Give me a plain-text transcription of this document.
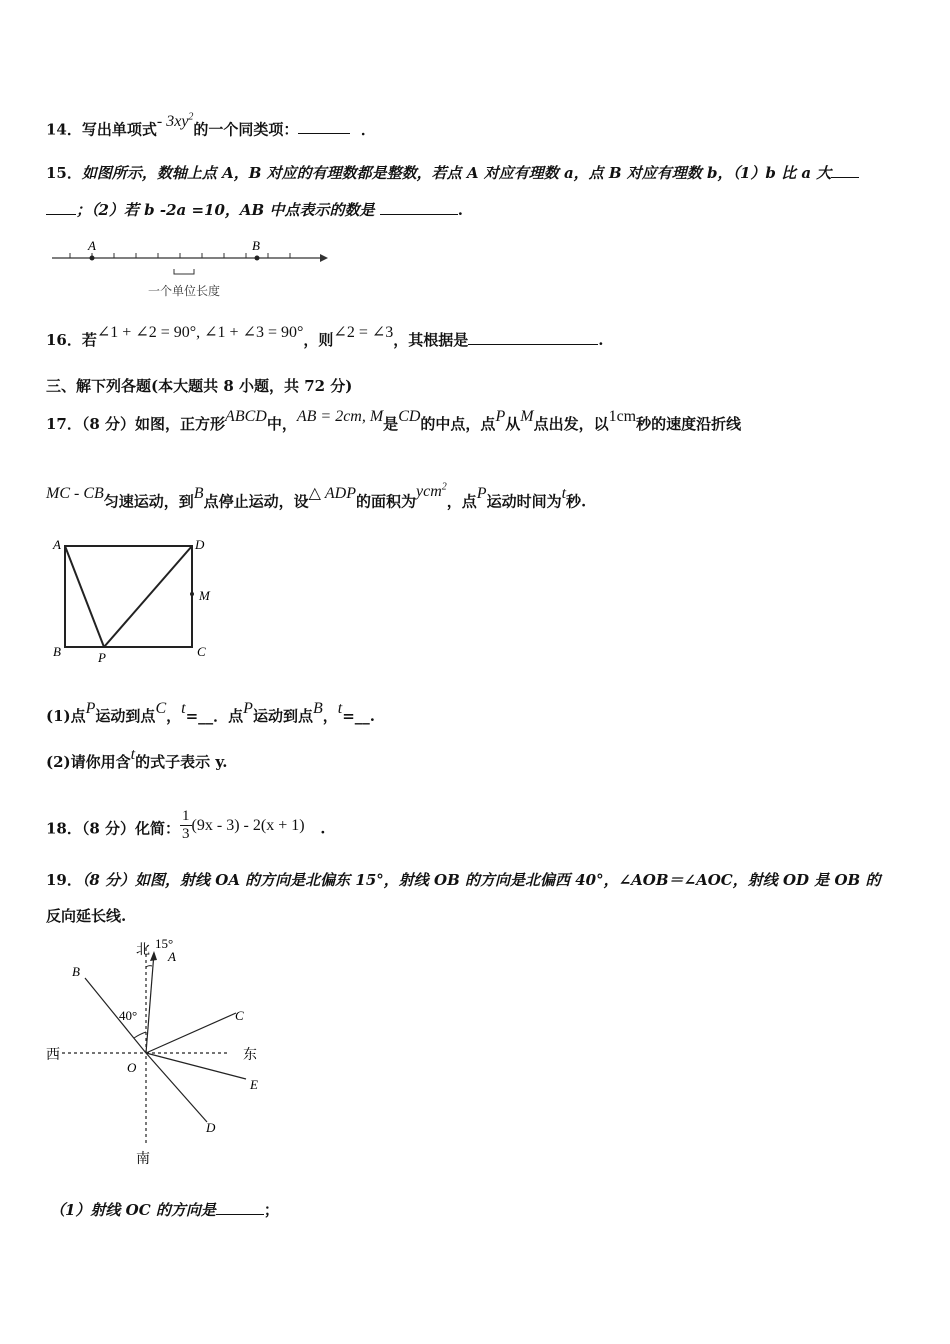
14．写出单项式- $3xy^2$的一个同类项：	．
15．如图所示，数轴上点 A，B 对应的有理数都是整数，若点 A 对应有理数 a，点 B 对应有理数 b，（1）b 比 a 大
；（2）若 b -2a =10，AB 中点表示的数是	.
A	B
一个单位长度
16．若∠1 + ∠2 = 90°, ∠1 + ∠3 = 90°，则∠2 = ∠3，其根据是	.
三、解下列各题(本大题共 8 小题，共 72 分)
17．（8 分）如图，正方形ABCD中，AB = 2cm, M是CD的中点，点P从M点出发，以1cm秒的速度沿折线
MC - CB匀速运动，到B点停止运动，设△ ADP的面积为ycm$^2$，点P运动时间为t秒.
A	D
M
B	P	C
(1)点P运动到点C，t=__．点P运动到点B，t=__.
(2)请你用含t的式子表示 y.
18．（8 分）化简： $\frac{1}{3} (9x - 3) - 2(x + 1)$ .
19．（8 分）如图，射线 OA 的方向是北偏东 15°，射线 OB 的方向是北偏西 40°，∠AOB＝∠AOC，射线 OD 是 OB 的
反向延长线.
北
南
西	东
15°
40°
A
B
C
D
E
O
（1）射线 OC 的方向是	；
